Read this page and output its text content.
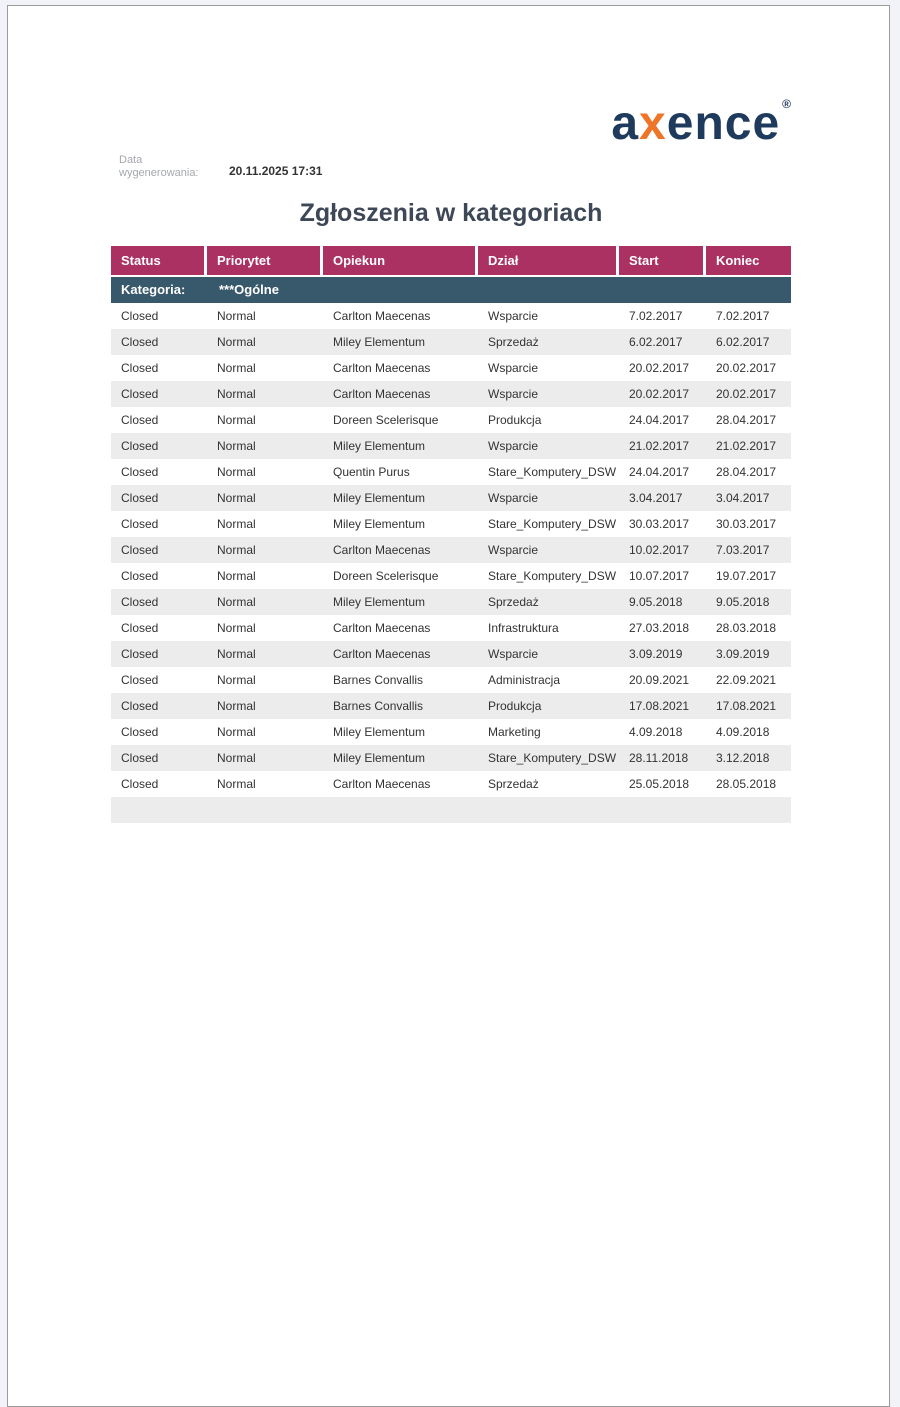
axence ®
Data wygenerowania:	20.11.2025 17:31
Zgłoszenia w kategoriach
Status	Priorytet	Opiekun	Dział	Start	Koniec
Kategoria:	***Ogólne
Closed	Normal	Carlton Maecenas	Wsparcie	7.02.2017	7.02.2017
Closed	Normal	Miley Elementum	Sprzedaż	6.02.2017	6.02.2017
Closed	Normal	Carlton Maecenas	Wsparcie	20.02.2017	20.02.2017
Closed	Normal	Carlton Maecenas	Wsparcie	20.02.2017	20.02.2017
Closed	Normal	Doreen Scelerisque	Produkcja	24.04.2017	28.04.2017
Closed	Normal	Miley Elementum	Wsparcie	21.02.2017	21.02.2017
Closed	Normal	Quentin Purus	Stare_Komputery_DSW	24.04.2017	28.04.2017
Closed	Normal	Miley Elementum	Wsparcie	3.04.2017	3.04.2017
Closed	Normal	Miley Elementum	Stare_Komputery_DSW	30.03.2017	30.03.2017
Closed	Normal	Carlton Maecenas	Wsparcie	10.02.2017	7.03.2017
Closed	Normal	Doreen Scelerisque	Stare_Komputery_DSW	10.07.2017	19.07.2017
Closed	Normal	Miley Elementum	Sprzedaż	9.05.2018	9.05.2018
Closed	Normal	Carlton Maecenas	Infrastruktura	27.03.2018	28.03.2018
Closed	Normal	Carlton Maecenas	Wsparcie	3.09.2019	3.09.2019
Closed	Normal	Barnes Convallis	Administracja	20.09.2021	22.09.2021
Closed	Normal	Barnes Convallis	Produkcja	17.08.2021	17.08.2021
Closed	Normal	Miley Elementum	Marketing	4.09.2018	4.09.2018
Closed	Normal	Miley Elementum	Stare_Komputery_DSW	28.11.2018	3.12.2018
Closed	Normal	Carlton Maecenas	Sprzedaż	25.05.2018	28.05.2018
